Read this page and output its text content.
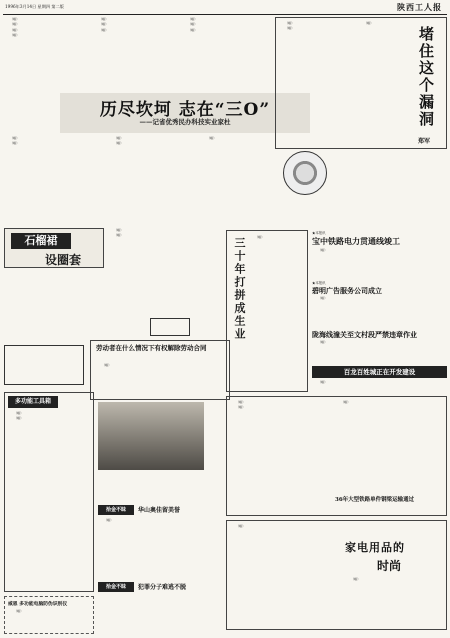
1996年3月14日 星期四 第二版	陕西工人报

（略）

（略）

（略）

（略）

（略）

（略）

（略）

（略）

（略）

（略）

历尽坎坷 志在“三O”
——记省优秀民办科技实业家杜

（略）

（略）

（略）

（略）

（略）

（略）

（略）

（略）

堵住这个漏洞
郑军
石榴裙
设圈套

（略）

（略）

劳动者在什么情况下有权解除劳动合同

（略）

多功能工具箱

（略）

（略）

三十年打拼成生业	（略）

★本报讯
宝中铁路电力贯通线竣工

（略）

★本报讯
碧明广告服务公司成立

（略）

陇海线潼关至文村段严禁违章作业

（略）

百龙百姓城正在开发建设

（略）

（略）

（略）

（略）

36年大型铁路单件钢梁运输通过
拾金不昧	华山奥佳留美誉

（略）

拾金不昧	犯罪分子难逃不脱

（略）

家电用品的
时尚

（略）

威恩 多功能电脑防伪识别仪

（略）
